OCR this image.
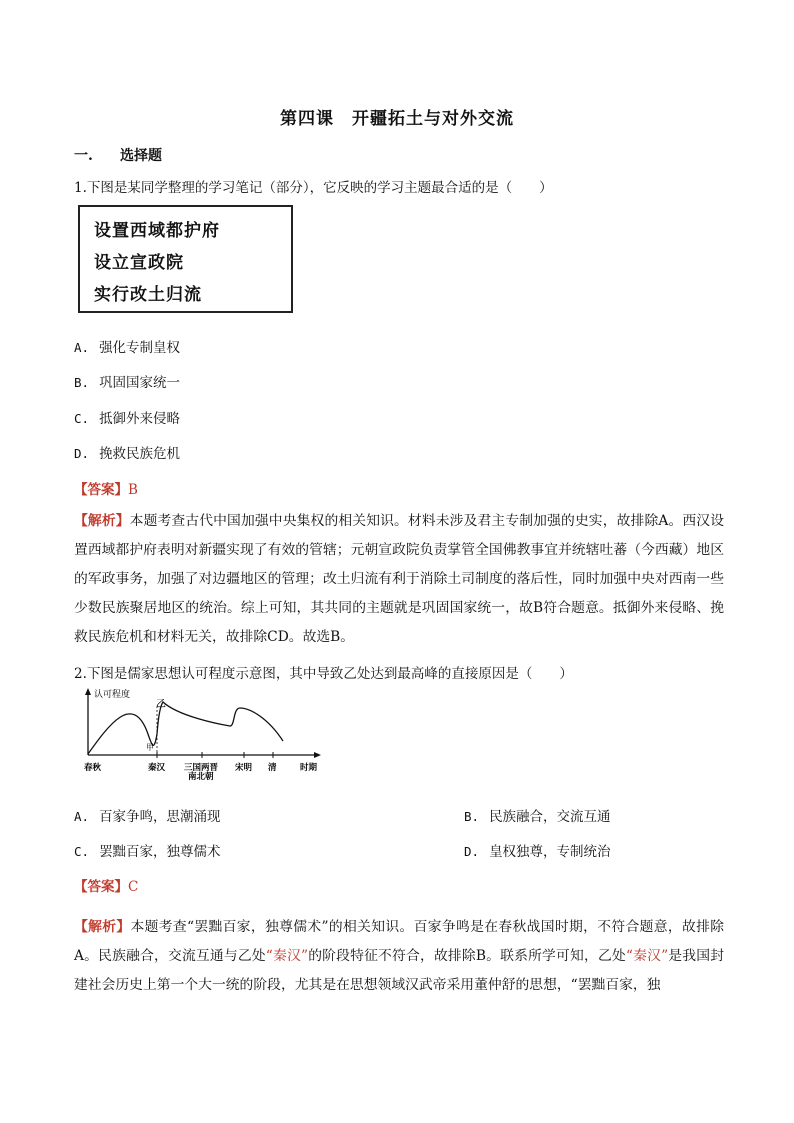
第四课　开疆拓土与对外交流
一. 选择题
1.下图是某同学整理的学习笔记（部分），它反映的学习主题最合适的是（　　）
设置西域都护府
设立宣政院
实行改土归流
A. 强化专制皇权
B. 巩固国家统一
C. 抵御外来侵略
D. 挽救民族危机
【答案】B
【解析】本题考查古代中国加强中央集权的相关知识。材料未涉及君主专制加强的史实，故排除A。西汉设置西域都护府表明对新疆实现了有效的管辖；元朝宣政院负责掌管全国佛教事宜并统辖吐蕃（今西藏）地区的军政事务，加强了对边疆地区的管理；改土归流有利于消除土司制度的落后性，同时加强中央对西南一些少数民族聚居地区的统治。综上可知，其共同的主题就是巩固国家统一，故B符合题意。抵御外来侵略、挽救民族危机和材料无关，故排除CD。故选B。
2.下图是儒家思想认可程度示意图，其中导致乙处达到最高峰的直接原因是（　　）
认可程度
乙
甲
春秋	秦汉 三国两晋
南北朝
宋明 清	时期
A. 百家争鸣，思潮涌现	B. 民族融合，交流互通
C. 罢黜百家，独尊儒术	D. 皇权独尊，专制统治
【答案】C
【解析】本题考查“罢黜百家，独尊儒术”的相关知识。百家争鸣是在春秋战国时期，不符合题意，故排除A。民族融合，交流互通与乙处“秦汉”的阶段特征不符合，故排除B。联系所学可知，乙处“秦汉”是我国封建社会历史上第一个大一统的阶段，尤其是在思想领域汉武帝采用董仲舒的思想，“罢黜百家，独
